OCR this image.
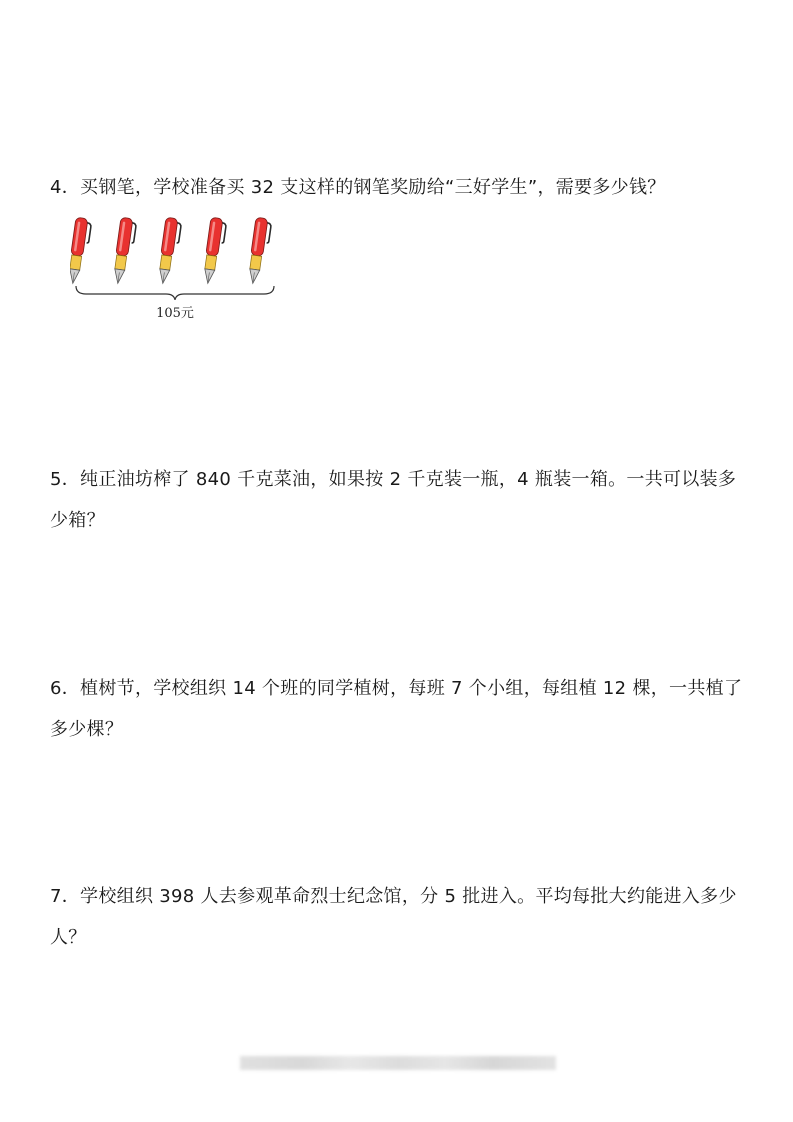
4．买钢笔，学校准备买 32 支这样的钢笔奖励给“三好学生”，需要多少钱？

105元

5．纯正油坊榨了 840 千克菜油，如果按 2 千克装一瓶，4 瓶装一箱。一共可以装多少箱？

6．植树节，学校组织 14 个班的同学植树，每班 7 个小组，每组植 12 棵，一共植了多少棵？

7．学校组织 398 人去参观革命烈士纪念馆，分 5 批进入。平均每批大约能进入多少人？
